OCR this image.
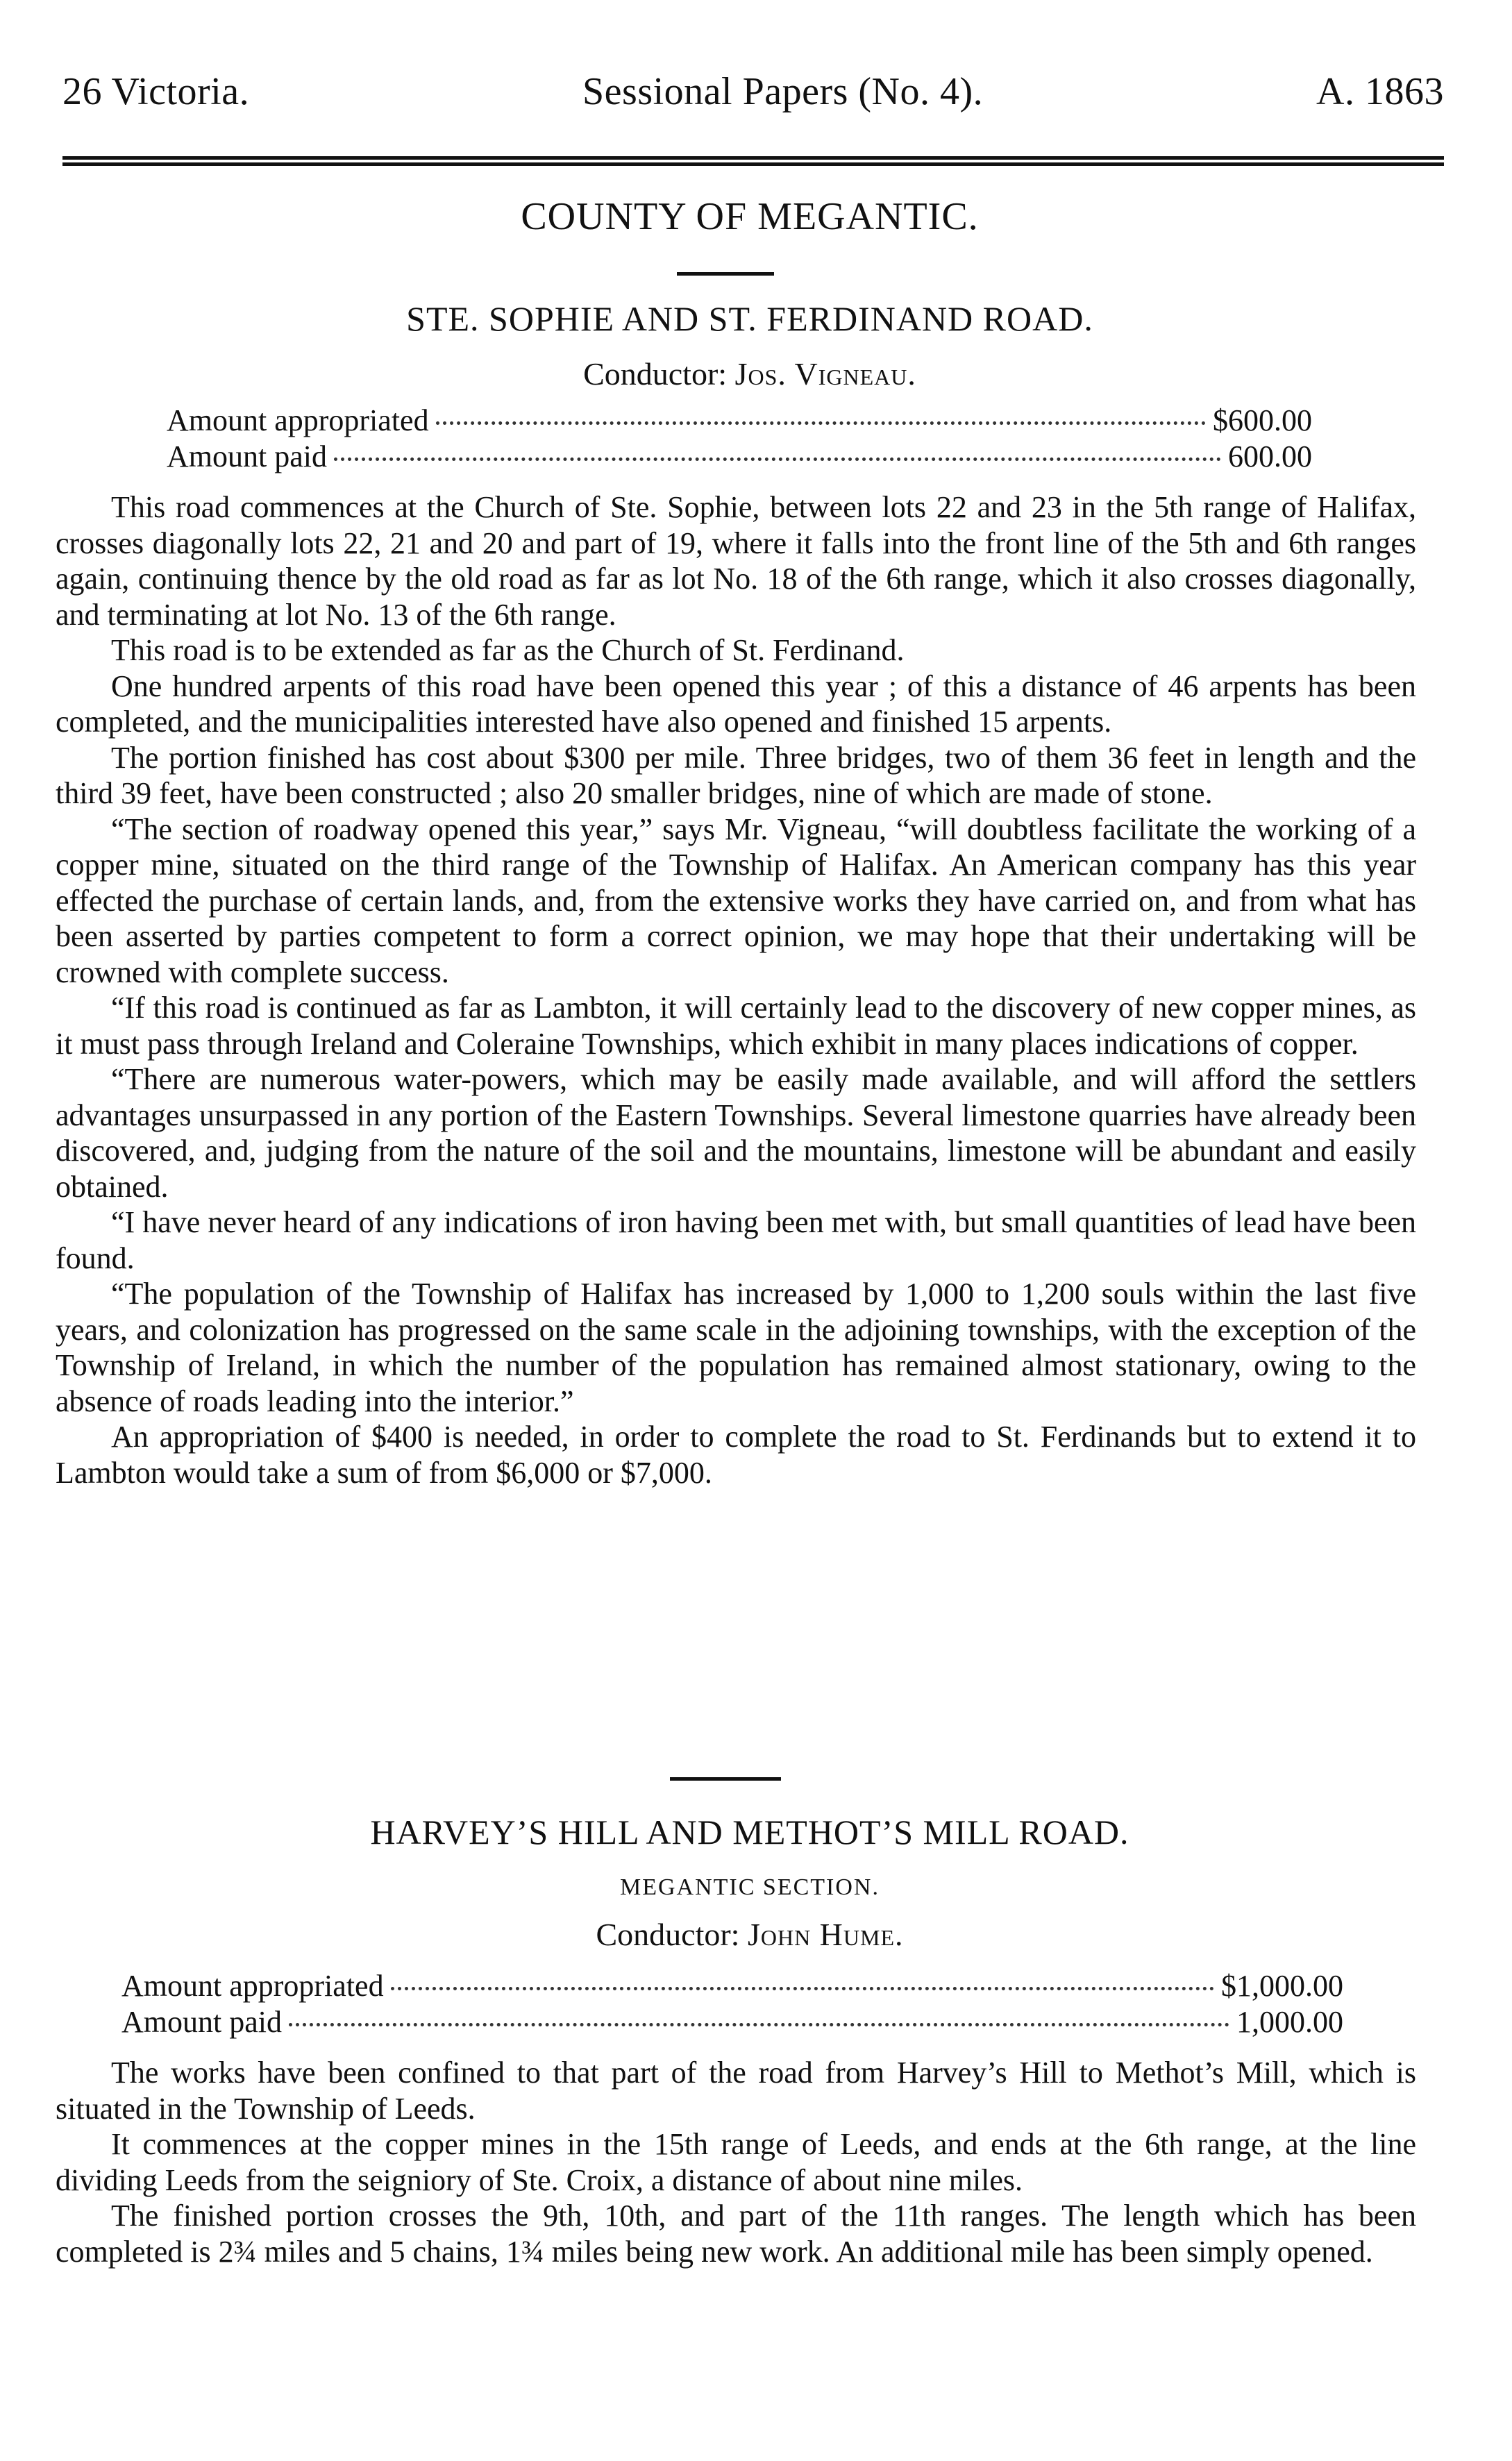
26 Victoria.	Sessional Papers (No. 4).	A. 1863
COUNTY OF MEGANTIC.
STE. SOPHIE AND ST. FERDINAND ROAD.
Conductor: Jos. Vigneau.
Amount appropriated	$600.00
Amount paid	600.00

This road commences at the Church of Ste. Sophie, between lots 22 and 23 in the 5th range of Halifax, crosses diagonally lots 22, 21 and 20 and part of 19, where it falls into the front line of the 5th and 6th ranges again, continuing thence by the old road as far as lot No. 18 of the 6th range, which it also crosses diagonally, and terminating at lot No. 13 of the 6th range.

This road is to be extended as far as the Church of St. Ferdinand.

One hundred arpents of this road have been opened this year ; of this a distance of 46 arpents has been completed, and the municipalities interested have also opened and finished 15 arpents.

The portion finished has cost about $300 per mile. Three bridges, two of them 36 feet in length and the third 39 feet, have been constructed ; also 20 smaller bridges, nine of which are made of stone.

“The section of roadway opened this year,” says Mr. Vigneau, “will doubtless facilitate the working of a copper mine, situated on the third range of the Township of Halifax. An American company has this year effected the purchase of certain lands, and, from the extensive works they have carried on, and from what has been asserted by parties competent to form a correct opinion, we may hope that their undertaking will be crowned with complete success.

“If this road is continued as far as Lambton, it will certainly lead to the discovery of new copper mines, as it must pass through Ireland and Coleraine Townships, which exhibit in many places indications of copper.

“There are numerous water-powers, which may be easily made available, and will afford the settlers advantages unsurpassed in any portion of the Eastern Townships. Several limestone quarries have already been discovered, and, judging from the nature of the soil and the mountains, limestone will be abundant and easily obtained.

“I have never heard of any indications of iron having been met with, but small quantities of lead have been found.

“The population of the Township of Halifax has increased by 1,000 to 1,200 souls within the last five years, and colonization has progressed on the same scale in the adjoining townships, with the exception of the Township of Ireland, in which the number of the population has remained almost stationary, owing to the absence of roads leading into the interior.”

An appropriation of $400 is needed, in order to complete the road to St. Ferdinands but to extend it to Lambton would take a sum of from $6,000 or $7,000.

HARVEY’S HILL AND METHOT’S MILL ROAD.
MEGANTIC SECTION.
Conductor: John Hume.
Amount appropriated	$1,000.00
Amount paid	1,000.00

The works have been confined to that part of the road from Harvey’s Hill to Methot’s Mill, which is situated in the Township of Leeds.

It commences at the copper mines in the 15th range of Leeds, and ends at the 6th range, at the line dividing Leeds from the seigniory of Ste. Croix, a distance of about nine miles.

The finished portion crosses the 9th, 10th, and part of the 11th ranges. The length which has been completed is 2¾ miles and 5 chains, 1¾ miles being new work. An additional mile has been simply opened.
